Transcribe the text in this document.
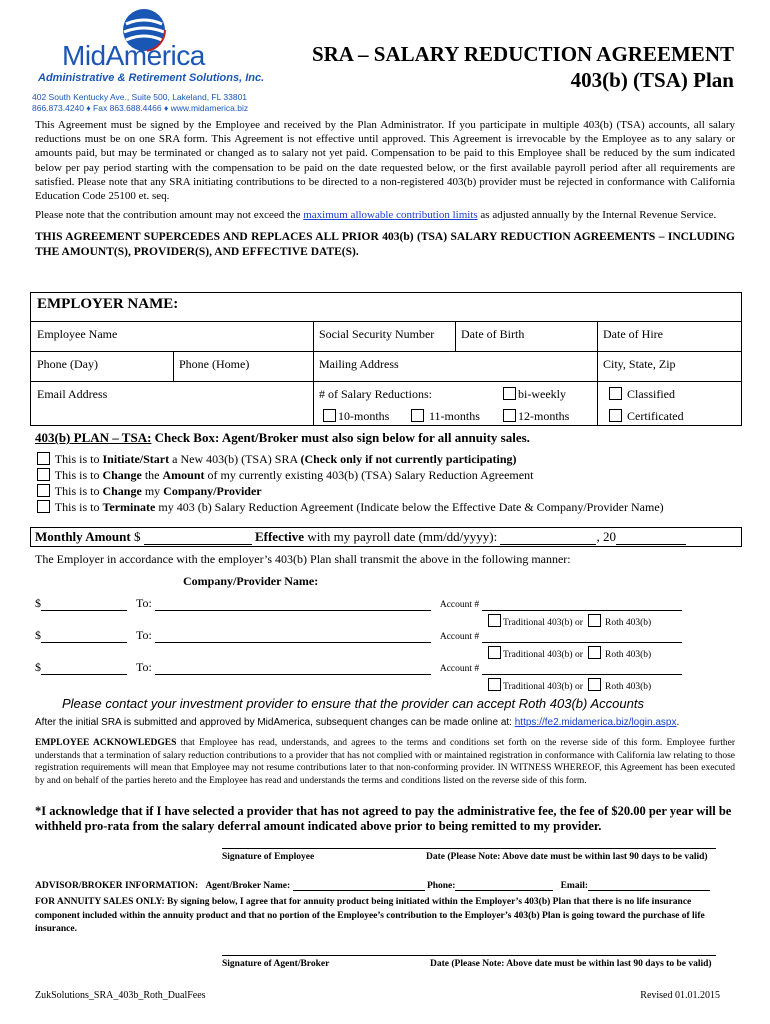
MidAmerica
Administrative & Retirement Solutions, Inc.
402 South Kentucky Ave., Suite 500, Lakeland, FL 33801
866.873.4240 ♦ Fax 863.688.4466 ♦ www.midamerica.biz
SRA – SALARY REDUCTION AGREEMENT
403(b) (TSA) Plan

This Agreement must be signed by the Employee and received by the Plan Administrator. If you participate in multiple 403(b) (TSA) accounts, all salary reductions must be on one SRA form. This Agreement is not effective until approved. This Agreement is irrevocable by the Employee as to any salary or amounts paid, but may be terminated or changed as to salary not yet paid. Compensation to be paid to this Employee shall be reduced by the sum indicated below per pay period starting with the compensation to be paid on the date requested below, or the first available payroll period after all requirements are satisfied. Please note that any SRA initiating contributions to be directed to a non-registered 403(b) provider must be rejected in conformance with California Education Code 25100 et. seq.

Please note that the contribution amount may not exceed the maximum allowable contribution limits as adjusted annually by the Internal Revenue Service.

THIS AGREEMENT SUPERCEDES AND REPLACES ALL PRIOR 403(b) (TSA) SALARY REDUCTION AGREEMENTS – INCLUDING THE AMOUNT(S), PROVIDER(S), AND EFFECTIVE DATE(S).

EMPLOYER NAME:
Employee Name	Social Security Number	Date of Birth	Date of Hire
Phone (Day)	Phone (Home)	Mailing Address	City, State, Zip
Email Address	# of Salary Reductions:	bi-weekly	Classified
10-months	11-months	12-months	Certificated
403(b) PLAN – TSA: Check Box: Agent/Broker must also sign below for all annuity sales.
This is to Initiate/Start a New 403(b) (TSA) SRA (Check only if not currently participating)
This is to Change the Amount of my currently existing 403(b) (TSA) Salary Reduction Agreement
This is to Change my Company/Provider
This is to Terminate my 403 (b) Salary Reduction Agreement (Indicate below the Effective Date & Company/Provider Name)
Monthly Amount $	Effective with my payroll date (mm/dd/yyyy):	, 20
The Employer in accordance with the employer’s 403(b) Plan shall transmit the above in the following manner:
Company/Provider Name:
$	To:	Account #
Traditional 403(b) or Roth 403(b)
$	To:	Account #
Traditional 403(b) or Roth 403(b)
$	To:	Account #
Traditional 403(b) or Roth 403(b)
Please contact your investment provider to ensure that the provider can accept Roth 403(b) Accounts
After the initial SRA is submitted and approved by MidAmerica, subsequent changes can be made online at: https://fe2.midamerica.biz/login.aspx.
EMPLOYEE ACKNOWLEDGES that Employee has read, understands, and agrees to the terms and conditions set forth on the reverse side of this form. Employee further understands that a termination of salary reduction contributions to a provider that has not complied with or maintained registration in conformance with California law relating to those registration requirements will mean that Employee may not resume contributions later to that non-conforming provider. IN WITNESS WHEREOF, this Agreement has been executed by and on behalf of the parties hereto and the Employee has read and understands the terms and conditions listed on the reverse side of this form.
*I acknowledge that if I have selected a provider that has not agreed to pay the administrative fee, the fee of $20.00 per year will be withheld pro-rata from the salary deferral amount indicated above prior to being remitted to my provider.
Signature of Employee	Date (Please Note: Above date must be within last 90 days to be valid)
ADVISOR/BROKER INFORMATION: Agent/Broker Name:	Phone:	Email:
FOR ANNUITY SALES ONLY: By signing below, I agree that for annuity product being initiated within the Employer’s 403(b) Plan that there is no life insurance component included within the annuity product and that no portion of the Employee’s contribution to the Employer’s 403(b) Plan is going toward the purchase of life insurance.
Signature of Agent/Broker	Date (Please Note: Above date must be within last 90 days to be valid)
ZukSolutions_SRA_403b_Roth_DualFees	Revised 01.01.2015
